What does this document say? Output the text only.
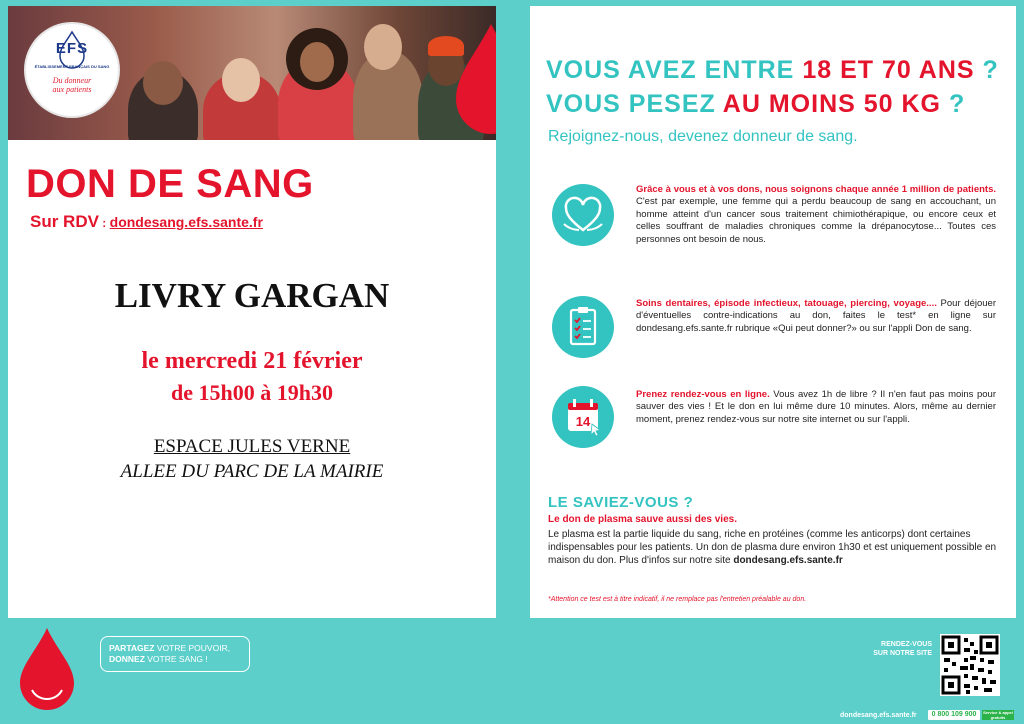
EFS
ÉTABLISSEMENT FRANÇAIS DU SANG
Du donneur
aux patients
DON DE SANG
Sur RDV : dondesang.efs.sante.fr
LIVRY GARGAN
le mercredi 21 février
de 15h00 à 19h30
ESPACE JULES VERNE
ALLEE DU PARC DE LA MAIRIE
VOUS AVEZ ENTRE 18 ET 70 ANS ?
VOUS PESEZ AU MOINS 50 KG ?
Rejoignez-nous, devenez donneur de sang.
Grâce à vous et à vos dons, nous soignons chaque année 1 million de patients. C'est par exemple, une femme qui a perdu beaucoup de sang en accouchant, un homme atteint d'un cancer sous traitement chimiothérapique, ou encore ceux et celles souffrant de maladies chroniques comme la drépanocytose... Toutes ces personnes ont besoin de nous.
Soins dentaires, épisode infectieux, tatouage, piercing, voyage.... Pour déjouer d'éventuelles contre-indications au don, faites le test* en ligne sur dondesang.efs.sante.fr rubrique «Qui peut donner?» ou sur l'appli Don de sang.
14
Prenez rendez-vous en ligne. Vous avez 1h de libre ? Il n'en faut pas moins pour sauver des vies ! Et le don en lui même dure 10 minutes. Alors, même au dernier moment, prenez rendez-vous sur notre site internet ou sur l'appli.
LE SAVIEZ-VOUS ?
Le don de plasma sauve aussi des vies.
Le plasma est la partie liquide du sang, riche en protéines (comme les anticorps) dont certaines indispensables pour les patients. Un don de plasma dure environ 1h30 et est uniquement possible en maison du don. Plus d'infos sur notre site dondesang.efs.sante.fr
*Attention ce test est à titre indicatif, il ne remplace pas l'entretien préalable au don.
PARTAGEZ VOTRE POUVOIR,
DONNEZ VOTRE SANG !
RENDEZ-VOUS
SUR NOTRE SITE
dondesang.efs.sante.fr	0 800 109 900	Service & appel gratuits
